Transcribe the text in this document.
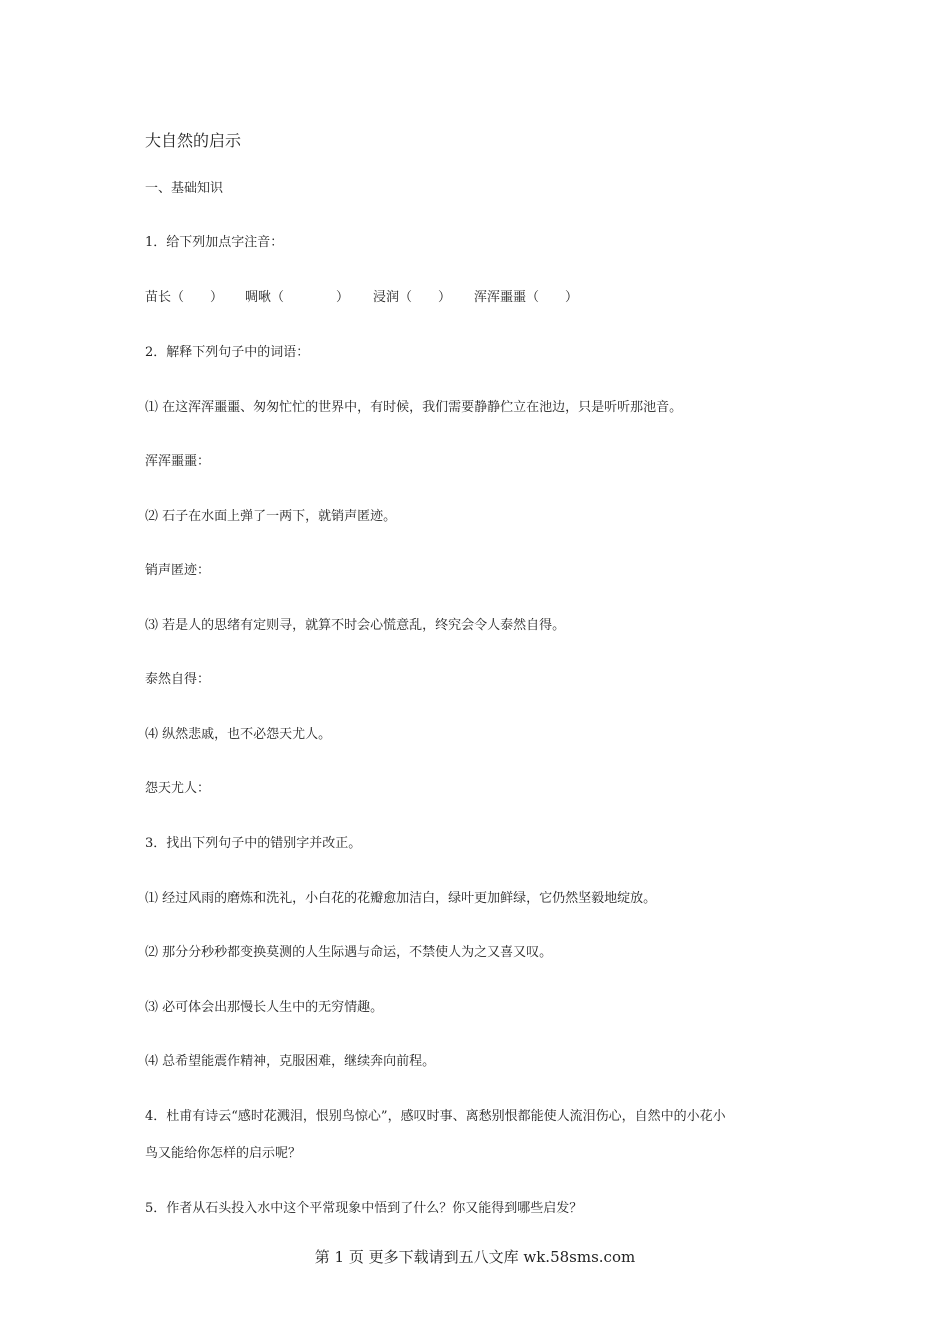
大自然的启示
一、基础知识
1．给下列加点字注音：
苗长（　　）	啁啾（　　　　）	浸润（　　）	浑浑噩噩（　　）
2．解释下列句子中的词语：
⑴ 在这浑浑噩噩、匆匆忙忙的世界中，有时候，我们需要静静伫立在池边，只是听听那池音。
浑浑噩噩：
⑵ 石子在水面上弹了一两下，就销声匿迹。
销声匿迹：
⑶ 若是人的思绪有定则寻，就算不时会心慌意乱，终究会令人泰然自得。
泰然自得：
⑷ 纵然悲戚，也不必怨天尤人。
怨天尤人：
3．找出下列句子中的错别字并改正。
⑴ 经过风雨的磨炼和洗礼，小白花的花瓣愈加洁白，绿叶更加鲜绿，它仍然坚毅地绽放。
⑵ 那分分秒秒都变换莫测的人生际遇与命运，不禁使人为之又喜又叹。
⑶ 必可体会出那慢长人生中的无穷情趣。
⑷ 总希望能震作精神，克服困难，继续奔向前程。
4．杜甫有诗云“感时花溅泪，恨别鸟惊心”，感叹时事、离愁别恨都能使人流泪伤心，自然中的小花小
鸟又能给你怎样的启示呢？
5．作者从石头投入水中这个平常现象中悟到了什么？你又能得到哪些启发？
第 1 页 更多下载请到五八文库 wk.58sms.com
